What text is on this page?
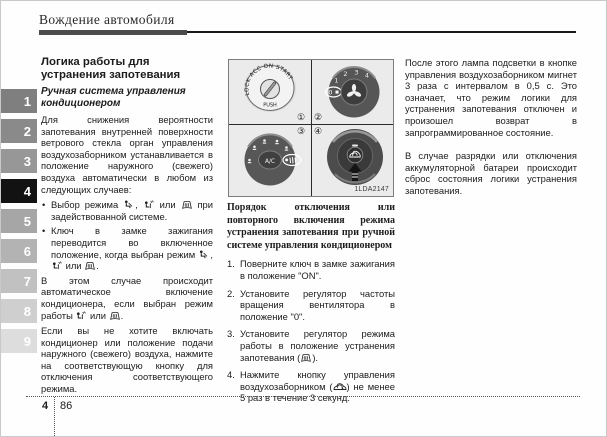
Вождение автомобиля
1
2
3
4
5
6
7
8
9
Логика работы для устранения запотевания
Ручная система управления кондиционером

Для снижения вероятности запотевания внутренней поверхности ветрового стекла орган управления воздухозаборником устанавливается в положение наружного (свежего) воздуха автоматически в любом из следующих случаев:

• Выбор режима ,  или  при задействованной системе.
• Ключ в замке зажигания переводится во включенное положение, когда выбран режим ,  или .

В этом случае происходит автоматическое включение кондиционера, если выбран режим работы  или .

Если вы не хотите включать кондиционер или положение подачи наружного (свежего) воздуха, нажмите на соответствующую кнопку для отключения соответствующего режима.

① ②
③ ④
1LDA2147
LOCK ACC ON START
PUSH
1
2 3 4
0
A/C
Порядок отключения или повторного включения режима устранения запотевания при ручной системе управления кондиционером
1. Поверните ключ в замке зажигания в положение "ON".
2. Установите регулятор частоты вращения вентилятора в положение "0".
3. Установите регулятор режима работы в положение устранения запотевания ( ).
4. Нажмите кнопку управления воздухозаборником ( ) не менее 5 раз в течение 3 секунд.

После этого лампа подсветки в кнопке управления воздухозаборником мигнет 3 раза с интервалом в 0,5 с. Это означает, что режим логики для устранения запотевания отключен и произошел возврат в запрограммированное состояние.

В случае разрядки или отключения аккумуляторной батареи происходит сброс состояния логики устранения запотевания.

4 86
